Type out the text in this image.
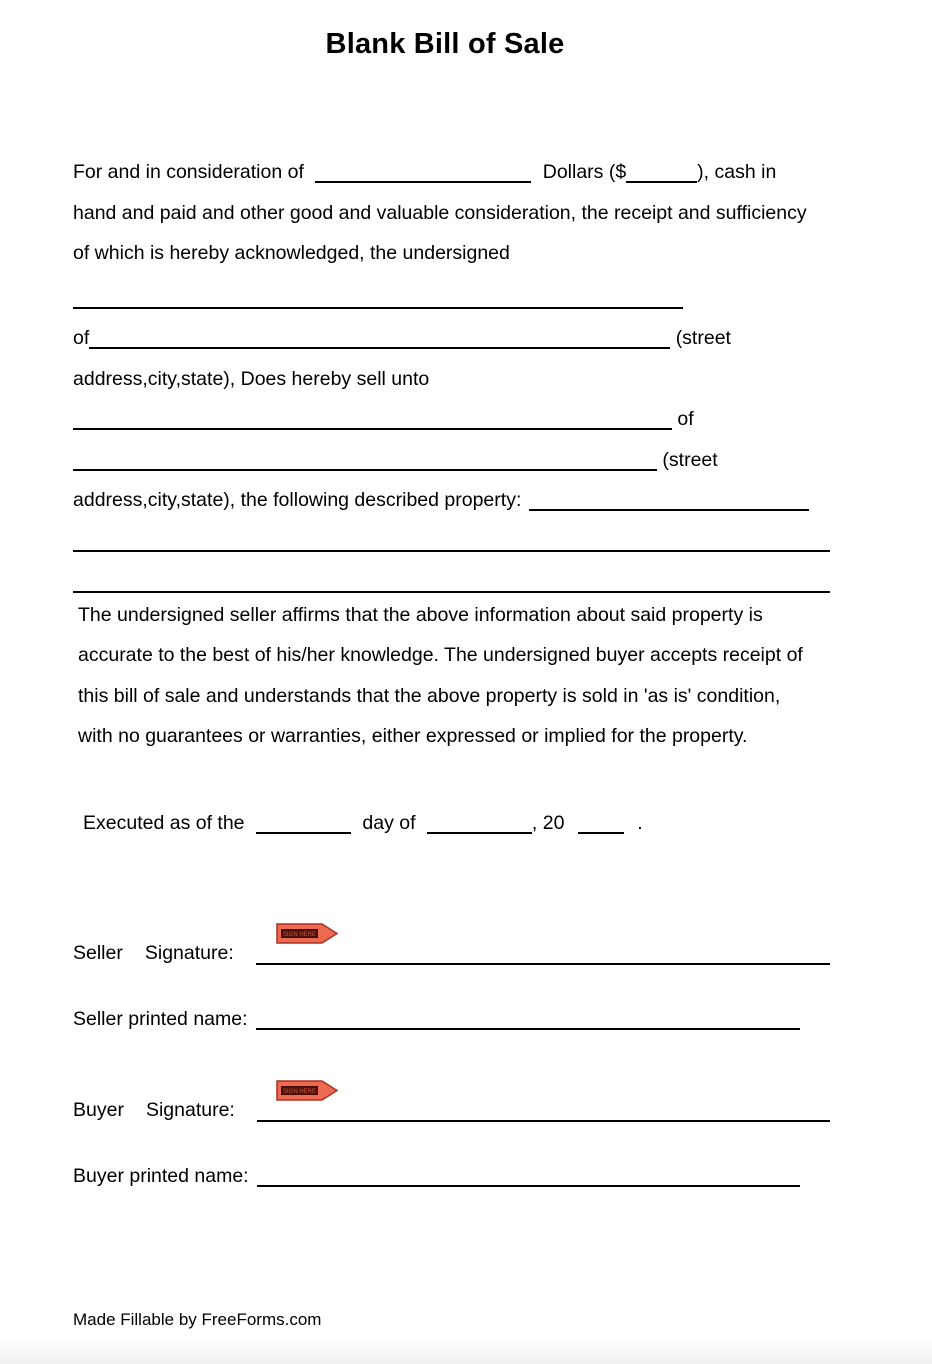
Blank Bill of Sale
For and in consideration of	Dollars ($	), cash in
hand and paid and other good and valuable consideration, the receipt and sufficiency
of which is hereby acknowledged, the undersigned
of	(street
address,city,state), Does hereby sell unto
of
(street
address,city,state), the following described property:
The undersigned seller affirms that the above information about said property is
accurate to the best of his/her knowledge. The undersigned buyer accepts receipt of
this bill of sale and understands that the above property is sold in 'as is' condition,
with no guarantees or warranties, either expressed or implied for the property.
Executed as of the	day of	, 20	.
Seller Signature:
SIGN HERE
Seller printed name:
Buyer Signature:
SIGN HERE
Buyer printed name:
Made Fillable by FreeForms.com
